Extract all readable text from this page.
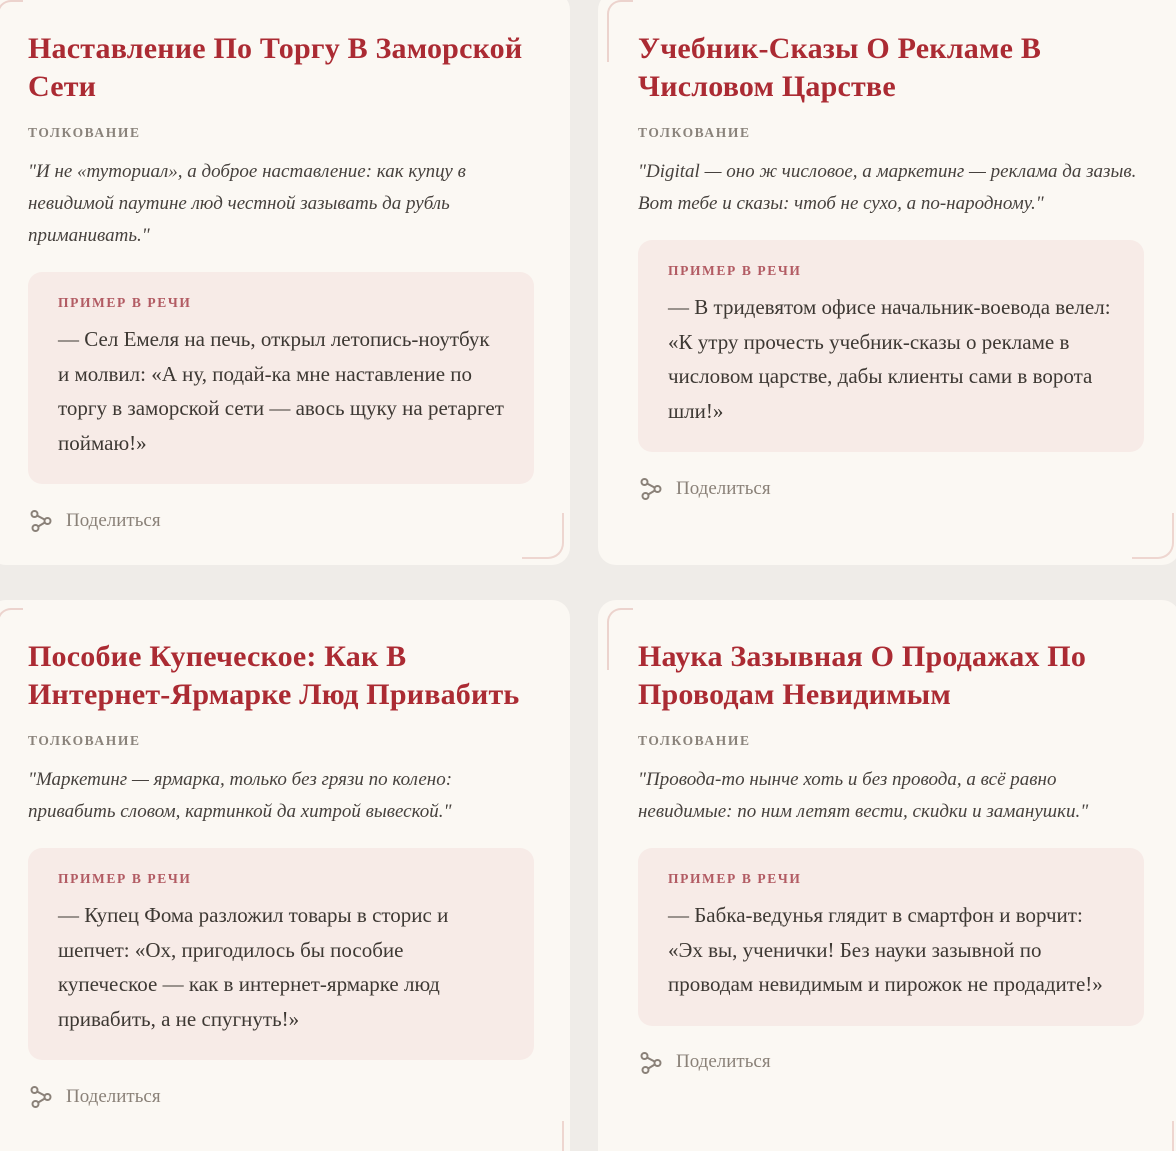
Наставление По Торгу В Заморской Сети
ТОЛКОВАНИЕ

"И не «туториал», а доброе наставление: как купцу в невидимой паутине люд честной зазывать да рубль приманивать."

ПРИМЕР В РЕЧИ

— Сел Емеля на печь, открыл летопись-ноутбук и молвил: «А ну, подай-ка мне наставление по торгу в заморской сети — авось щуку на ретаргет поймаю!»

Поделиться
Учебник-Сказы О Рекламе В Числовом Царстве
ТОЛКОВАНИЕ

"Digital — оно ж числовое, а маркетинг — реклама да зазыв. Вот тебе и сказы: чтоб не сухо, а по-народному."

ПРИМЕР В РЕЧИ

— В тридевятом офисе начальник-воевода велел: «К утру прочесть учебник-сказы о рекламе в числовом царстве, дабы клиенты сами в ворота шли!»

Поделиться
Пособие Купеческое: Как В Интернет-Ярмарке Люд Привабить
ТОЛКОВАНИЕ

"Маркетинг — ярмарка, только без грязи по колено: привабить словом, картинкой да хитрой вывеской."

ПРИМЕР В РЕЧИ

— Купец Фома разложил товары в сторис и шепчет: «Ох, пригодилось бы пособие купеческое — как в интернет-ярмарке люд привабить, а не спугнуть!»

Поделиться
Наука Зазывная О Продажах По Проводам Невидимым
ТОЛКОВАНИЕ

"Провода-то нынче хоть и без провода, а всё равно невидимые: по ним летят вести, скидки и заманушки."

ПРИМЕР В РЕЧИ

— Бабка-ведунья глядит в смартфон и ворчит: «Эх вы, ученички! Без науки зазывной по проводам невидимым и пирожок не продадите!»

Поделиться
